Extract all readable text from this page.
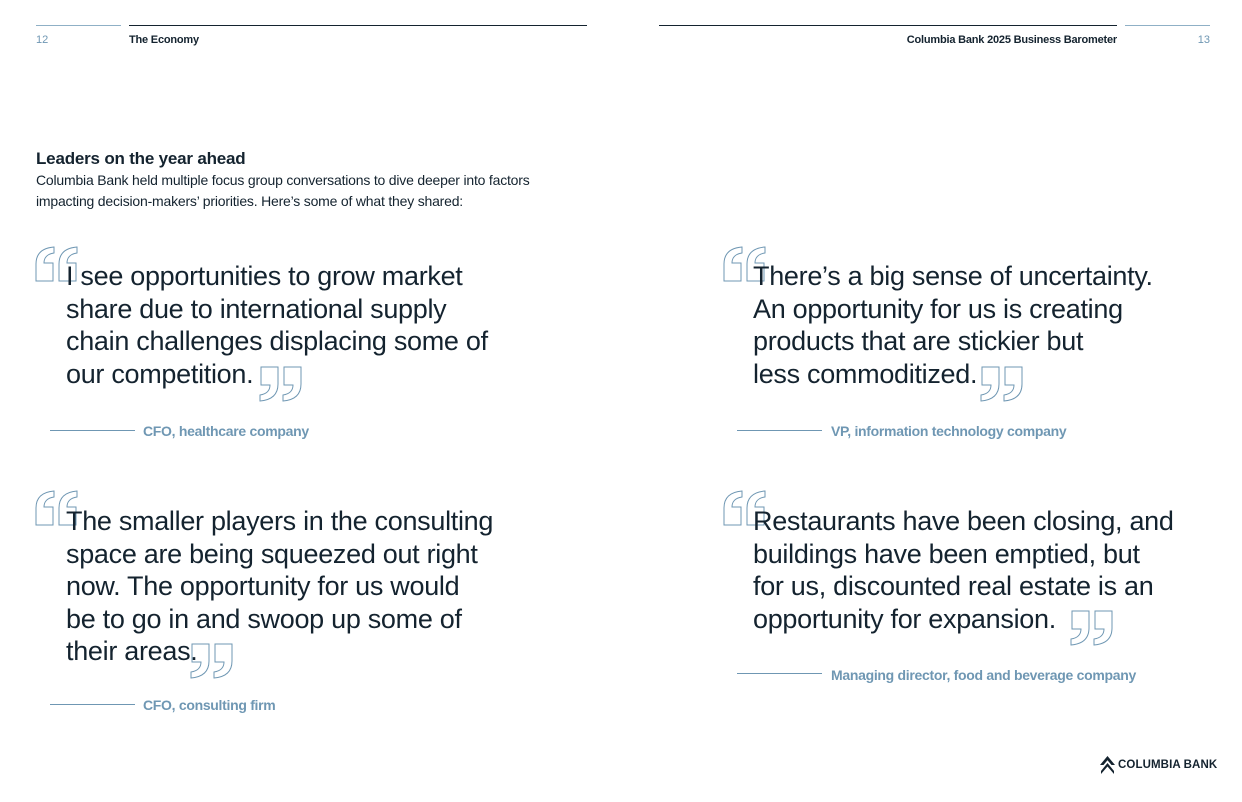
12	The Economy	Columbia Bank 2025 Business Barometer	13
Leaders on the year ahead

Columbia Bank held multiple focus group conversations to dive deeper into factors impacting decision-makers’ priorities. Here’s some of what they shared:

I see opportunities to grow market
share due to international supply
chain challenges displacing some of
our competition.
CFO, healthcare company
There’s a big sense of uncertainty.
An opportunity for us is creating
products that are stickier but
less commoditized.
VP, information technology company
The smaller players in the consulting
space are being squeezed out right
now. The opportunity for us would
be to go in and swoop up some of
their areas.
CFO, consulting firm
Restaurants have been closing, and
buildings have been emptied, but
for us, discounted real estate is an
opportunity for expansion.
Managing director, food and beverage company
COLUMBIA BANK
